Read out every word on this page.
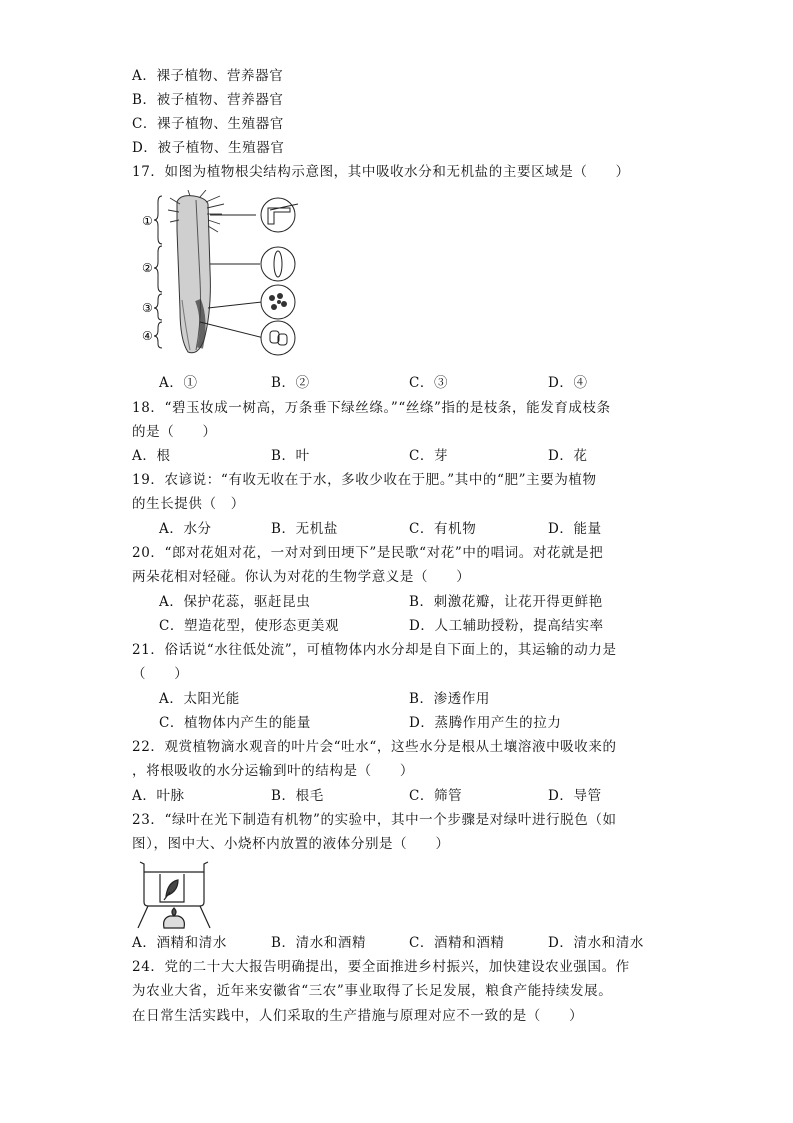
A．裸子植物、营养器官
B．被子植物、营养器官
C．裸子植物、生殖器官
D．被子植物、生殖器官
17．如图为植物根尖结构示意图，其中吸收水分和无机盐的主要区域是（　　）
①
②
③
④
A．①	B．②	C．③	D．④
18．“碧玉妆成一树高，万条垂下绿丝绦。”“丝绦”指的是枝条，能发育成枝条
的是（　　）
A．根	B．叶	C．芽	D．花
19．农谚说：“有收无收在于水，多收少收在于肥。”其中的“肥”主要为植物
的生长提供（　）
A．水分	B．无机盐	C．有机物	D．能量
20．“郎对花姐对花，一对对到田埂下”是民歌“对花”中的唱词。对花就是把
两朵花相对轻碰。你认为对花的生物学意义是（　　）
A．保护花蕊，驱赶昆虫	B．刺激花瓣，让花开得更鲜艳
C．塑造花型，使形态更美观	D．人工辅助授粉，提高结实率
21．俗话说“水往低处流”，可植物体内水分却是自下面上的，其运输的动力是
（　　）
A．太阳光能	B．渗透作用
C．植物体内产生的能量	D．蒸腾作用产生的拉力
22．观赏植物滴水观音的叶片会“吐水“，这些水分是根从土壤溶液中吸收来的
，将根吸收的水分运输到叶的结构是（　　）
A．叶脉	B．根毛	C．筛管	D．导管
23．“绿叶在光下制造有机物”的实验中，其中一个步骤是对绿叶进行脱色（如
图），图中大、小烧杯内放置的液体分别是（　　）
A．酒精和清水	B．清水和酒精	C．酒精和酒精	D．清水和清水
24．党的二十大大报告明确提出，要全面推进乡村振兴，加快建设农业强国。作
为农业大省，近年来安徽省“三农”事业取得了长足发展，粮食产能持续发展。
在日常生活实践中，人们采取的生产措施与原理对应不一致的是（　　）
